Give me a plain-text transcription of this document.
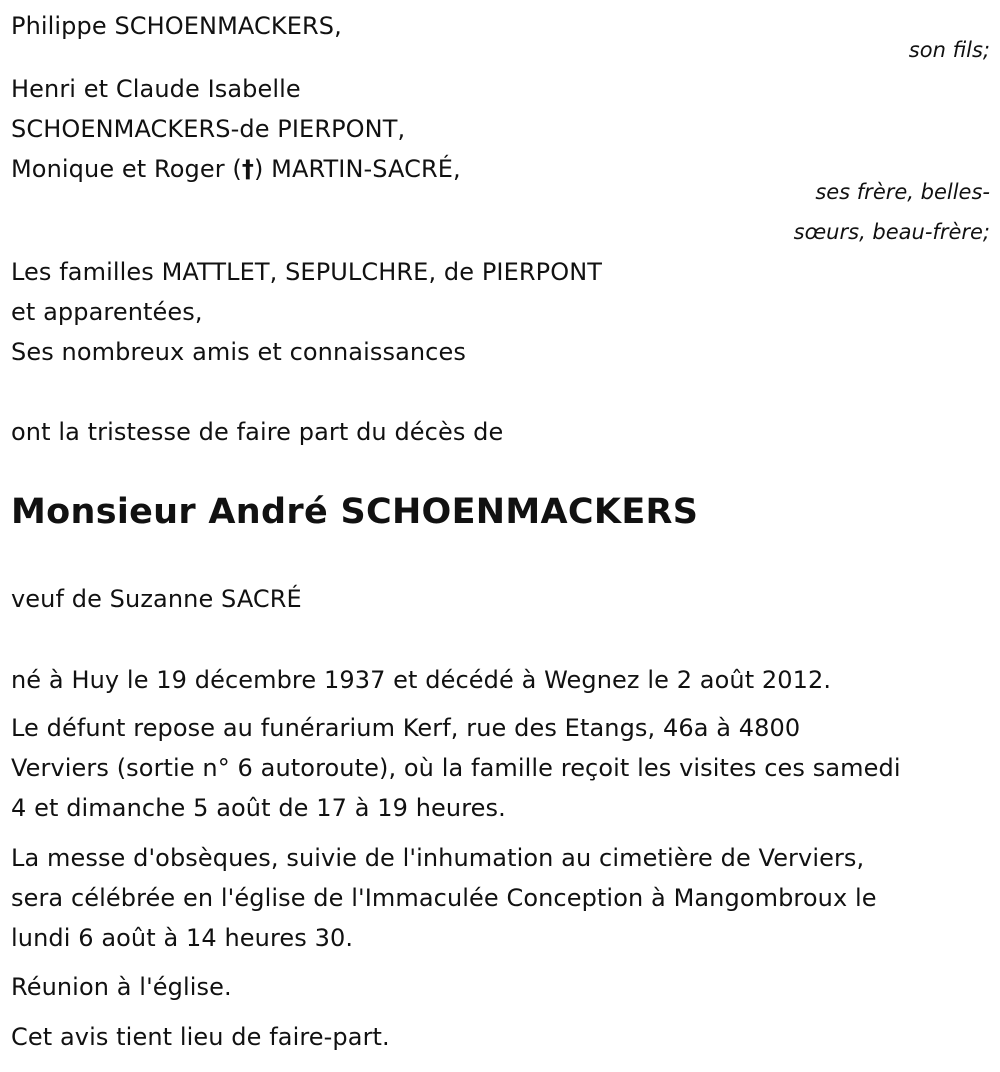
Philippe SCHOENMACKERS,
son fils;
Henri et Claude Isabelle
SCHOENMACKERS-de PIERPONT,
Monique et Roger (†) MARTIN-SACRÉ,
ses frère, belles-
sœurs, beau-frère;
Les familles MATTLET, SEPULCHRE, de PIERPONT
et apparentées,
Ses nombreux amis et connaissances
ont la tristesse de faire part du décès de
Monsieur André SCHOENMACKERS
veuf de Suzanne SACRÉ
né à Huy le 19 décembre 1937 et décédé à Wegnez le 2 août 2012.
Le défunt repose au funérarium Kerf, rue des Etangs, 46a à 4800
Verviers (sortie n° 6 autoroute), où la famille reçoit les visites ces samedi
4 et dimanche 5 août de 17 à 19 heures.
La messe d'obsèques, suivie de l'inhumation au cimetière de Verviers,
sera célébrée en l'église de l'Immaculée Conception à Mangombroux le
lundi 6 août à 14 heures 30.
Réunion à l'église.
Cet avis tient lieu de faire-part.
